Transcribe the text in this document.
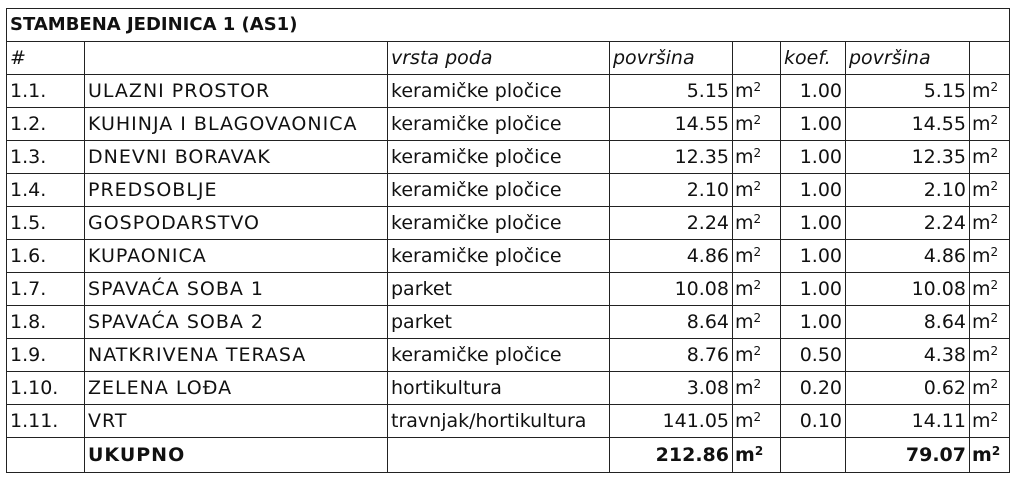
STAMBENA JEDINICA 1 (AS1)							
#		vrsta poda	površina		koef.	površina	
1.1.	ULAZNI PROSTOR	keramičke pločice	5.15	$m^2$	1.00	5.15	$m^2$
1.2.	KUHINJA I BLAGOVAONICA	keramičke pločice	14.55	$m^2$	1.00	14.55	$m^2$
1.3.	DNEVNI BORAVAK	keramičke pločice	12.35	$m^2$	1.00	12.35	$m^2$
1.4.	PREDSOBLJE	keramičke pločice	2.10	$m^2$	1.00	2.10	$m^2$
1.5.	GOSPODARSTVO	keramičke pločice	2.24	$m^2$	1.00	2.24	$m^2$
1.6.	KUPAONICA	keramičke pločice	4.86	$m^2$	1.00	4.86	$m^2$
1.7.	SPAVAĆA SOBA 1	parket	10.08	$m^2$	1.00	10.08	$m^2$
1.8.	SPAVAĆA SOBA 2	parket	8.64	$m^2$	1.00	8.64	$m^2$
1.9.	NATKRIVENA TERASA	keramičke pločice	8.76	$m^2$	0.50	4.38	$m^2$
1.10.	ZELENA LOĐA	hortikultura	3.08	$m^2$	0.20	0.62	$m^2$
1.11.	VRT	travnjak/hortikultura	141.05	$m^2$	0.10	14.11	$m^2$
	UKUPNO		212.86	$m^2$		79.07	$m^2$
